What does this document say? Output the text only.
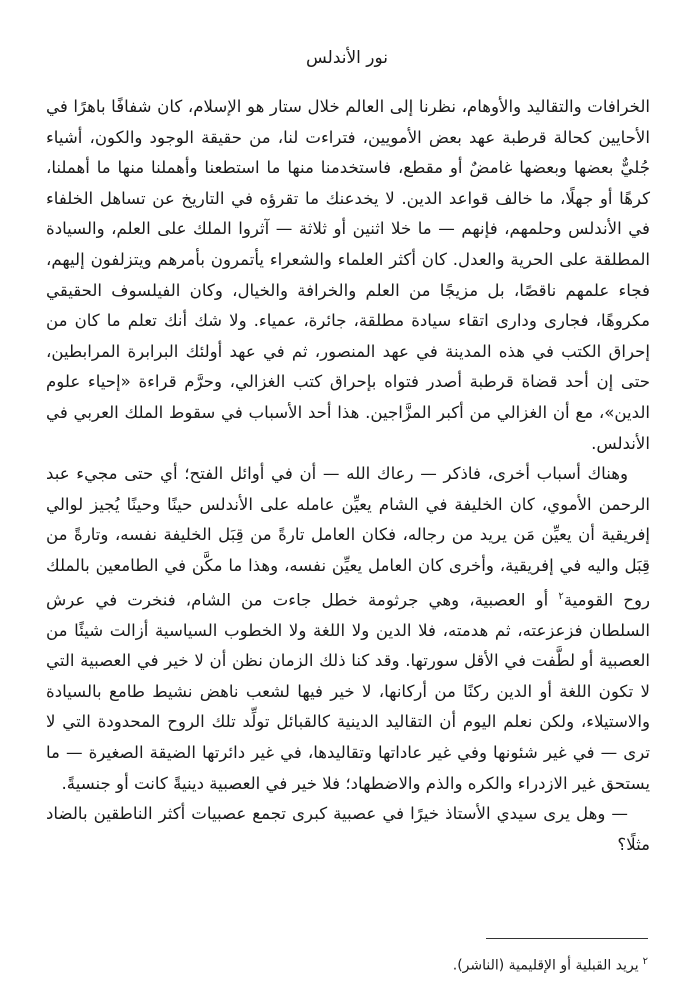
نور الأندلس

الخرافات والتقاليد والأوهام، نظرنا إلى العالم خلال ستار هو الإسلام، كان شفافًا باهرًا في الأحايين كحالة قرطبة عهد بعض الأمويين، فتراءت لنا، من حقيقة الوجود والكون، أشياء جُليٌّ بعضها وبعضها غامضٌ أو مقطع، فاستخدمنا منها ما استطعنا وأهملنا منها ما أهملنا، كرهًا أو جهلًا، ما خالف قواعد الدين. لا يخدعنك ما تقرؤه في التاريخ عن تساهل الخلفاء في الأندلس وحلمهم، فإنهم — ما خلا اثنين أو ثلاثة — آثروا الملك على العلم، والسيادة المطلقة على الحرية والعدل. كان أكثر العلماء والشعراء يأتمرون بأمرهم ويتزلفون إليهم، فجاء علمهم ناقصًا، بل مزيجًا من العلم والخرافة والخيال، وكان الفيلسوف الحقيقي مكروهًا، فجارى ودارى اتقاء سيادة مطلقة، جائرة، عمياء. ولا شك أنك تعلم ما كان من إحراق الكتب في هذه المدينة في عهد المنصور، ثم في عهد أولئك البرابرة المرابطين، حتى إن أحد قضاة قرطبة أصدر فتواه بإحراق كتب الغزالي، وحرَّم قراءة «إحياء علوم الدين»، مع أن الغزالي من أكبر المزَّاجين. هذا أحد الأسباب في سقوط الملك العربي في الأندلس.

وهناك أسباب أخرى، فاذكر — رعاك الله — أن في أوائل الفتح؛ أي حتى مجيء عبد الرحمن الأموي، كان الخليفة في الشام يعيِّن عامله على الأندلس حينًا وحينًا يُجيز لوالي إفريقية أن يعيِّن مَن يريد من رجاله، فكان العامل تارةً من قِبَل الخليفة نفسه، وتارةً من قِبَل واليه في إفريقية، وأخرى كان العامل يعيِّن نفسه، وهذا ما مكَّن في الطامعين بالملك روح القومية$^٢$ أو العصبية، وهي جرثومة خطل جاءت من الشام، فنخرت في عرش السلطان فزعزعته، ثم هدمته، فلا الدين ولا اللغة ولا الخطوب السياسية أزالت شيئًا من العصبية أو لطَّفت في الأقل سورتها. وقد كنا ذلك الزمان نظن أن لا خير في العصبية التي لا تكون اللغة أو الدين ركنًا من أركانها، لا خير فيها لشعب ناهض نشيط طامع بالسيادة والاستيلاء، ولكن نعلم اليوم أن التقاليد الدينية كالقبائل تولِّد تلك الروح المحدودة التي لا ترى — في غير شئونها وفي غير عاداتها وتقاليدها، في غير دائرتها الضيقة الصغيرة — ما يستحق غير الازدراء والكره والذم والاضطهاد؛ فلا خير في العصبية دينيةً كانت أو جنسيةً.

— وهل يرى سيدي الأستاذ خيرًا في عصبية كبرى تجمع عصبيات أكثر الناطقين بالضاد مثلًا؟

$^٢$يريد القبلية أو الإقليمية (الناشر).
